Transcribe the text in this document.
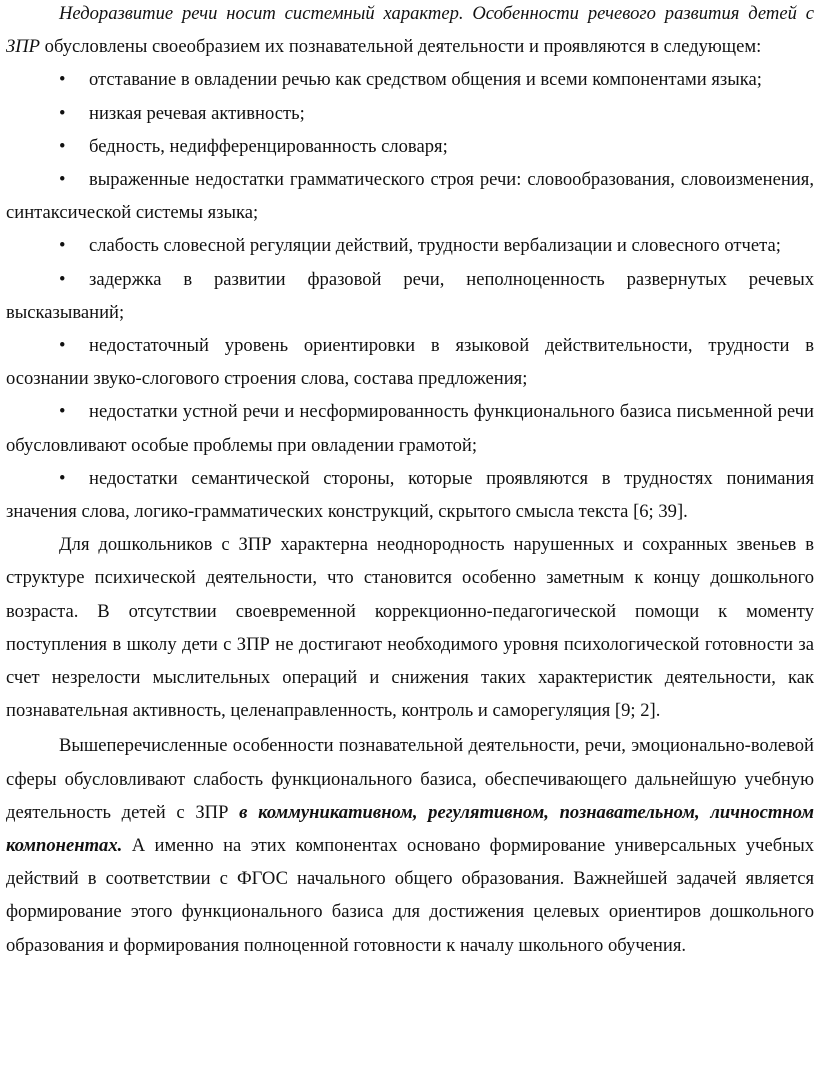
Недоразвитие речи носит системный характер. Особенности речевого развития детей с ЗПР обусловлены своеобразием их познавательной деятельности и проявляются в следующем:

• отставание в овладении речью как средством общения и всеми компонентами языка;

• низкая речевая активность;

• бедность, недифференцированность словаря;

• выраженные недостатки грамматического строя речи: словообразования, словоизменения, синтаксической системы языка;

• слабость словесной регуляции действий, трудности вербализации и словесного отчета;

• задержка в развитии фразовой речи, неполноценность развернутых речевых высказываний;

• недостаточный уровень ориентировки в языковой действительности, трудности в осознании звуко-слогового строения слова, состава предложения;

• недостатки устной речи и несформированность функционального базиса письменной речи обусловливают особые проблемы при овладении грамотой;

• недостатки семантической стороны, которые проявляются в трудностях понимания значения слова, логико-грамматических конструкций, скрытого смысла текста [6; 39].

Для дошкольников с ЗПР характерна неоднородность нарушенных и сохранных звеньев в структуре психической деятельности, что становится особенно заметным к концу дошкольного возраста. В отсутствии своевременной коррекционно-педагогической помощи к моменту поступления в школу дети с ЗПР не достигают необходимого уровня психологической готовности за счет незрелости мыслительных операций и снижения таких характеристик деятельности, как познавательная активность, целенаправленность, контроль и саморегуляция [9; 2].

Вышеперечисленные особенности познавательной деятельности, речи, эмоционально-волевой сферы обусловливают слабость функционального базиса, обеспечивающего дальнейшую учебную деятельность детей с ЗПР в коммуникативном, регулятивном, познавательном, личностном компонентах. А именно на этих компонентах основано формирование универсальных учебных действий в соответствии с ФГОС начального общего образования. Важнейшей задачей является формирование этого функционального базиса для достижения целевых ориентиров дошкольного образования и формирования полноценной готовности к началу школьного обучения.
